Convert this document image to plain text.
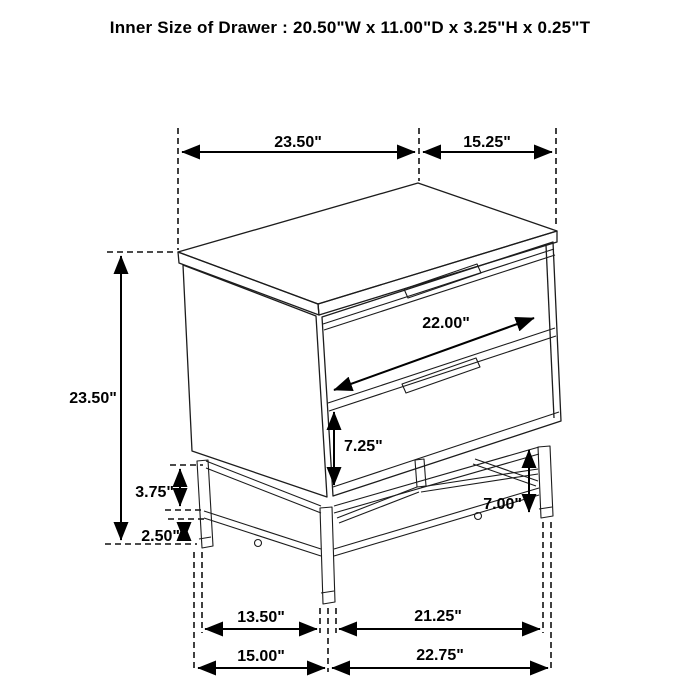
Inner Size of Drawer : 20.50"W x 11.00"D x 3.25"H x 0.25"T
23.50"	15.25"
23.50"
22.00"
7.25"
7.00"
3.75"
2.50"
13.50"	21.25"
15.00"	22.75"
